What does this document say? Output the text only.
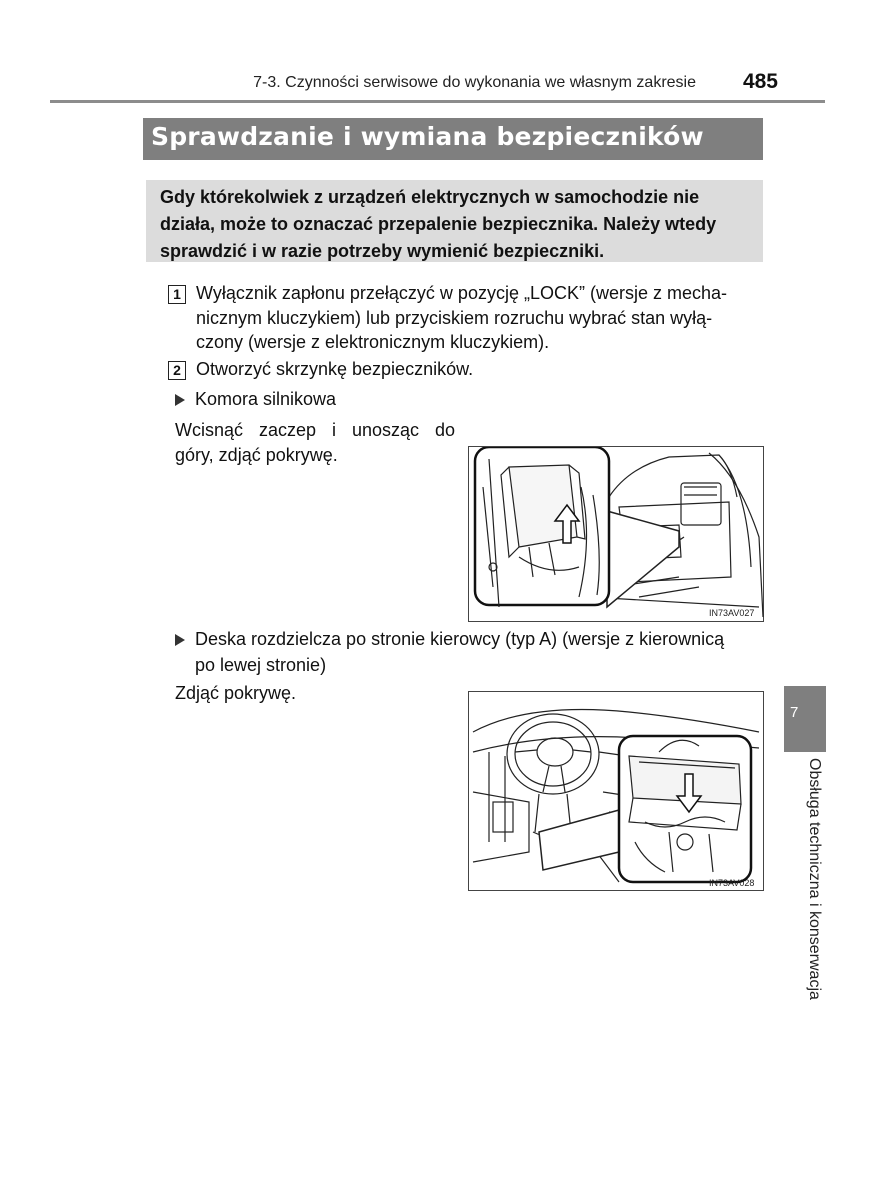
7-3. Czynności serwisowe do wykonania we własnym zakresie	485
Sprawdzanie i wymiana bezpieczników
Gdy którekolwiek z urządzeń elektrycznych w samochodzie nie
działa, może to oznaczać przepalenie bezpiecznika. Należy wtedy
sprawdzić i w razie potrzeby wymienić bezpieczniki.
1 Wyłącznik zapłonu przełączyć w pozycję „LOCK” (wersje z mecha-
nicznym kluczykiem) lub przyciskiem rozruchu wybrać stan wyłą-
czony (wersje z elektronicznym kluczykiem).
2 Otworzyć skrzynkę bezpieczników.
Komora silnikowa
Wcisnąć zaczep i unosząc do
góry, zdjąć pokrywę.
IN73AV027
Deska rozdzielcza po stronie kierowcy (typ A) (wersje z kierownicą
po lewej stronie)
Zdjąć pokrywę.
IN73AV028
7
Obsługa techniczna i konserwacja
